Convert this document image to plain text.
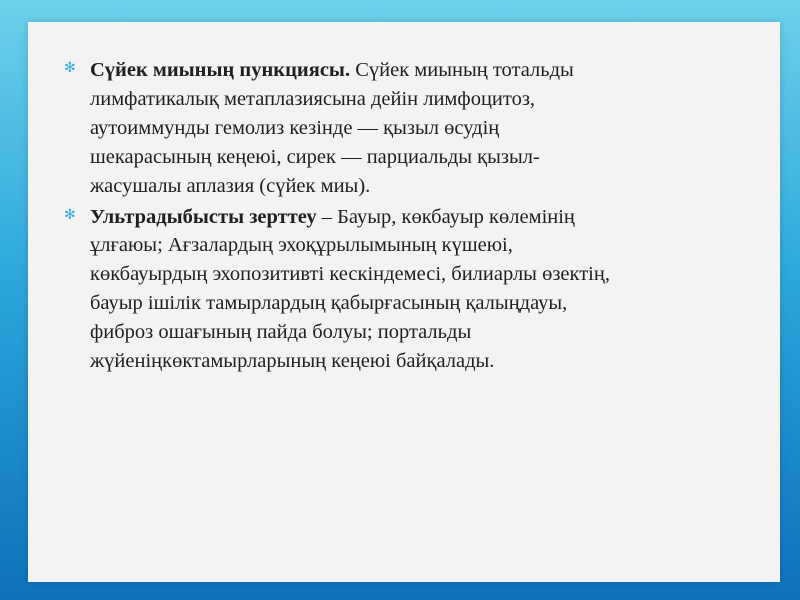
✻ Сүйек миының пункциясы. Сүйек миының тотальды лимфатикалық метаплазиясына дейін лимфоцитоз, аутоиммунды гемолиз кезінде — қызыл өсудің шекарасының кеңеюі, сирек — парциальды қызыл-жасушалы аплазия (сүйек миы).
✻ Ультрадыбысты зерттеу – Бауыр, көкбауыр көлемінің ұлғаюы; Ағзалардың эхоқұрылымының күшеюі, көкбауырдың эхопозитивті кескіндемесі, билиарлы өзектің, бауыр ішілік тамырлардың қабырғасының қалыңдауы, фиброз ошағының пайда болуы; портальды жүйеніңкөктамырларының кеңеюі байқалады.
